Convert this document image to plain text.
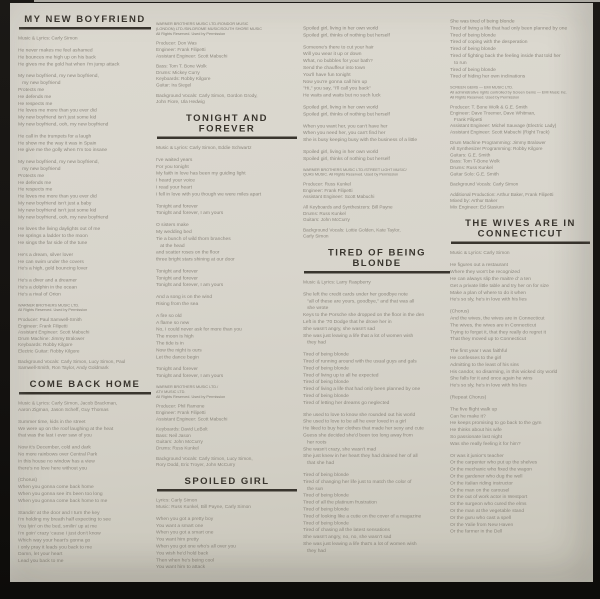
MY NEW BOYFRIEND
Music & Lyrics: Carly Simon
He never makes me feel ashamed
He bounces me high up on his back
He gives me the gold hat when I'm jump attack
My new boyfriend, my new boyfriend,
my new boyfriend
Protects me
He defends me
He respects me
He loves me more than you ever did
My new boyfriend isn't just some kid
My new boyfriend, ooh, my new boyfriend
He call in the trumpets for a laugh
He show me the way it was in Spain
He give me the golly when I'm too insane
My new boyfriend, my new boyfriend,
my new boyfriend
Protects me
He defends me
He respects me
He loves me more than you ever did
My new boyfriend isn't just a baby
My new boyfriend isn't just some kid
My new boyfriend, ooh, my new boyfriend
He loves the living daylights out of me
He springs a ladder to the moon
He sings the far side of the tune
He's a dream, silver lover
He can swim under the covers
He's a high, gold bouncing lover
He's a diver and a dreamer
He's a dolphin in the ocean
He's a rival of Orion
WARNER BROTHERS MUSIC LTD.
All Rights Reserved. Used by Permission
Producer: Paul Samwell-Smith
Engineer: Frank Filipetti
Assistant Engineer: Scott Mabuchi
Drum Machine: Jimmy Bralower
Keyboards: Robby Kilgore
Electric Guitar: Robby Kilgore
Background Vocals: Carly Simon, Lucy Simon, Paul
Samwell-Smith, Ron Taylor, Andy Goldmark
COME BACK HOME
Music & Lyrics: Carly Simon, Jacob Brackman,
Aaron Zigman, Jason Scheff, Guy Thomas
Summer time, kids in the street
We were up on the roof laughing at the heat
that was the last I ever saw of you
Now it's December, cold and dark
No more rainbows over Central Park
In this house no window has a view
there's no love here without you
(Chorus)
When you gonna come back home
When you gonna see it's been too long
When you gonna come back home to me
Standin' at the door and I turn the key
I'm holding my breath half expecting to see
You lyin' on the bed, smilin' up at me
I'm goin' crazy 'cause I just don't know
Which way your heart's gonna go
I only pray it leads you back to me
Damn, let your heart
Lead you back to me
WARNER BROTHERS MUSIC LTD./RONDOR MUSIC
(LONDON) LTD./SIN-DROME MUSIC/SOUTH SHORE MUSIC
All Rights Reserved. Used by Permission
Producer: Don Was
Engineer: Frank Filipetti
Assistant Engineer: Scott Mabuchi
Bass: Tom T. Bone Wolk
Drums: Mickey Curry
Keyboards: Robby Kilgore
Guitar: Ira Siegel
Background Vocals: Carly Simon, Gordon Grody,
John Fiore, Ula Hedwig
TONIGHT AND FOREVER
Music & Lyrics: Carly Simon, Eddie Schwartz
I've waited years
For you tonight
My faith in love has been my guiding light
I heard your voice
I read your heart
I fell in love with you though we were miles apart
Tonight and forever
Tonight and forever, I am yours
O sisters make
My wedding bed
Tie a bunch of wild thorn branches
at the head
and scatter roses on the floor
three bright stars shining at our door
Tonight and forever
Tonight and forever
Tonight and forever, I am yours
And a song is on the wind
Rising from the sea
A fire so old
A flame so new
No, I could never ask for more than you
The moon is high
The tide is in
Now the night is ours
Let the dance begin
Tonight and forever
Tonight and forever, I am yours
WARNER BROTHERS MUSIC LTD./
ATV MUSIC LTD.
All Rights Reserved. Used by Permission
Producer: Phil Ramone
Engineer: Frank Filipetti
Assistant Engineer: Scott Mabuchi
Keyboards: David LeBolt
Bass: Neil Jason
Guitars: John McCurry
Drums: Russ Kunkel
Background Vocals: Carly Simon, Lucy Simon,
Rory Dodd, Eric Troyer, John McCurry
SPOILED GIRL
Lyrics: Carly Simon
Music: Russ Kunkel, Bill Payne, Carly Simon
When you got a pretty boy
You want a smart one
When you got a smart one
You want him pretty
When you got one who's all over you
You wish he'd hold back
Then when he's being cool
You want him to attack
Spoiled girl, living in her own world
Spoiled girl, thinks of nothing but herself
Someone's there to cut your hair
Will you wear it up or down
What, no bubbles for your bath?
Send the chauffeur into town
You'll have fun tonight
Now you're gonna call him up
"Hi," you say, "I'll call you back"
He waits and waits but no such luck
Spoiled girl, living in her own world
Spoiled girl, thinks of nothing but herself
When you want her, you can't have her
When you need her, you can't find her
She is busy keeping busy with the business of a little
Spoiled girl, living in her own world
Spoiled girl, thinks of nothing but herself
WARNER BROTHERS MUSIC LTD./STREET LIGHT MUSIC/
QUAS MUSIC. All Rights Reserved. Used by Permission
Producer: Russ Kunkel
Engineer: Frank Filipetti
Assistant Engineer: Scott Mabuchi
All Keyboards and Synthesizers: Bill Payne
Drums: Russ Kunkel
Guitars: John McCurry
Background Vocals: Lottie Golden, Kate Taylor,
Carly Simon
TIRED OF BEING BLONDE
Music & Lyrics: Larry Raspberry
She left the credit cards under her goodbye note
"all of these are yours, goodbye," and that was all
she wrote
Keys to the Porsche she dropped on the floor in the den
Left in the '70 Dodge that he drove her in
She wasn't angry, she wasn't sad
She was just leaving a life that a lot of women wish
they had
Tired of being blonde
Tired of running around with the usual guys and gals
Tired of being blonde
Tired of living up to all he expected
Tired of being blonde
Tired of living a life that had only been planned by one
Tired of being blonde
Tired of letting her dreams go neglected
She used to love to know she rounded out his world
She used to love to be all he ever loved in a girl
He liked to buy her clothes that made her sexy and cute
Guess she decided she'd been too long away from
her roots
She wasn't crazy, she wasn't mad
She just knew in her heart they had drained her of all
that she had
Tired of being blonde
Tired of changing her life just to match the color of
the sun
Tired of being blonde
Tired of all the platinum frustration
Tired of being blonde
Tired of looking like a cutie on the cover of a magazine
Tired of being blonde
Tired of chasing all the latest sensations
She wasn't angry, no, no, she wasn't sad
She was just leaving a life that's a lot of women wish
they had
She was tired of being blonde
Tired of living a life that had only been planned by one
Tired of being blonde
Tired of coping with the desperation
Tired of being blonde
Tired of fighting back the feeling inside that told her
to run
Tired of being blonde
Tired of hiding her own inclinations
SCREEN GEMS — EMI MUSIC LTD.
All administrative rights controlled by Screen Gems — EMI Music Inc.
All Rights Reserved. Used by Permission
Producer: T. Bone Wolk & G.E. Smith
Engineer: Dave Troemer, Dave Whitman,
Frank Filipetti
Assistant Engineer: Michel Sauvage (Electric Lady)
Assistant Engineer: Scott Mabuchi (Right Track)
Drum Machine Programming: Jimmy Bralower
All Synthesizer Programming: Robby Kilgore
Guitars: G.E. Smith
Bass: Tom T-Bone Wolk
Drums: Russ Kunkel
Guitar Solo: G.E. Smith
Background Vocals: Carly Simon
Additional Production: Arthur Baker, Frank Filipetti
Mixed by: Arthur Baker
Mix Engineer: Ed Stasium
THE WIVES ARE IN
CONNECTICUT
Music & Lyrics: Carly Simon
He figures out a restaurant
Where they won't be recognized
He can always slip the maitre d' a ten
Get a private little table and try her on for size
Make a plan of where to do it when
He's so sly, he's in love with his lies
(Chorus)
And the wives, the wives are in Connecticut
The wives, the wives are in Connecticut
Trying to forget it, that they really do regret it
That they moved up to Connecticut
The first year I was faithful
He confesses to the girl
Admitting to the least of his sins
His candor, so disarming, in this wicked city world
She falls for it and once again he wins
He's so sly, he's in love with his lies
(Repeat Chorus)
The five flight walk up
Can he make it?
He keeps promising to go back to the gym
He thinks about his wife
So passionate last night
Was she really feeling it for him?
Or was it junior's teacher
Or the carpenter who put up the shelves
Or the mechanic who fixed the wagon
Or the gardener who dug the well
Or the Italian riding instructor
Or the man on the carousel
Or the out of work actor in Westport
Or the surgeon who cured the elms
Or the man at the vegetable stand
Or the guru who cast a spell
Or the Yalie from New Haven
Or the farmer in the Dell
